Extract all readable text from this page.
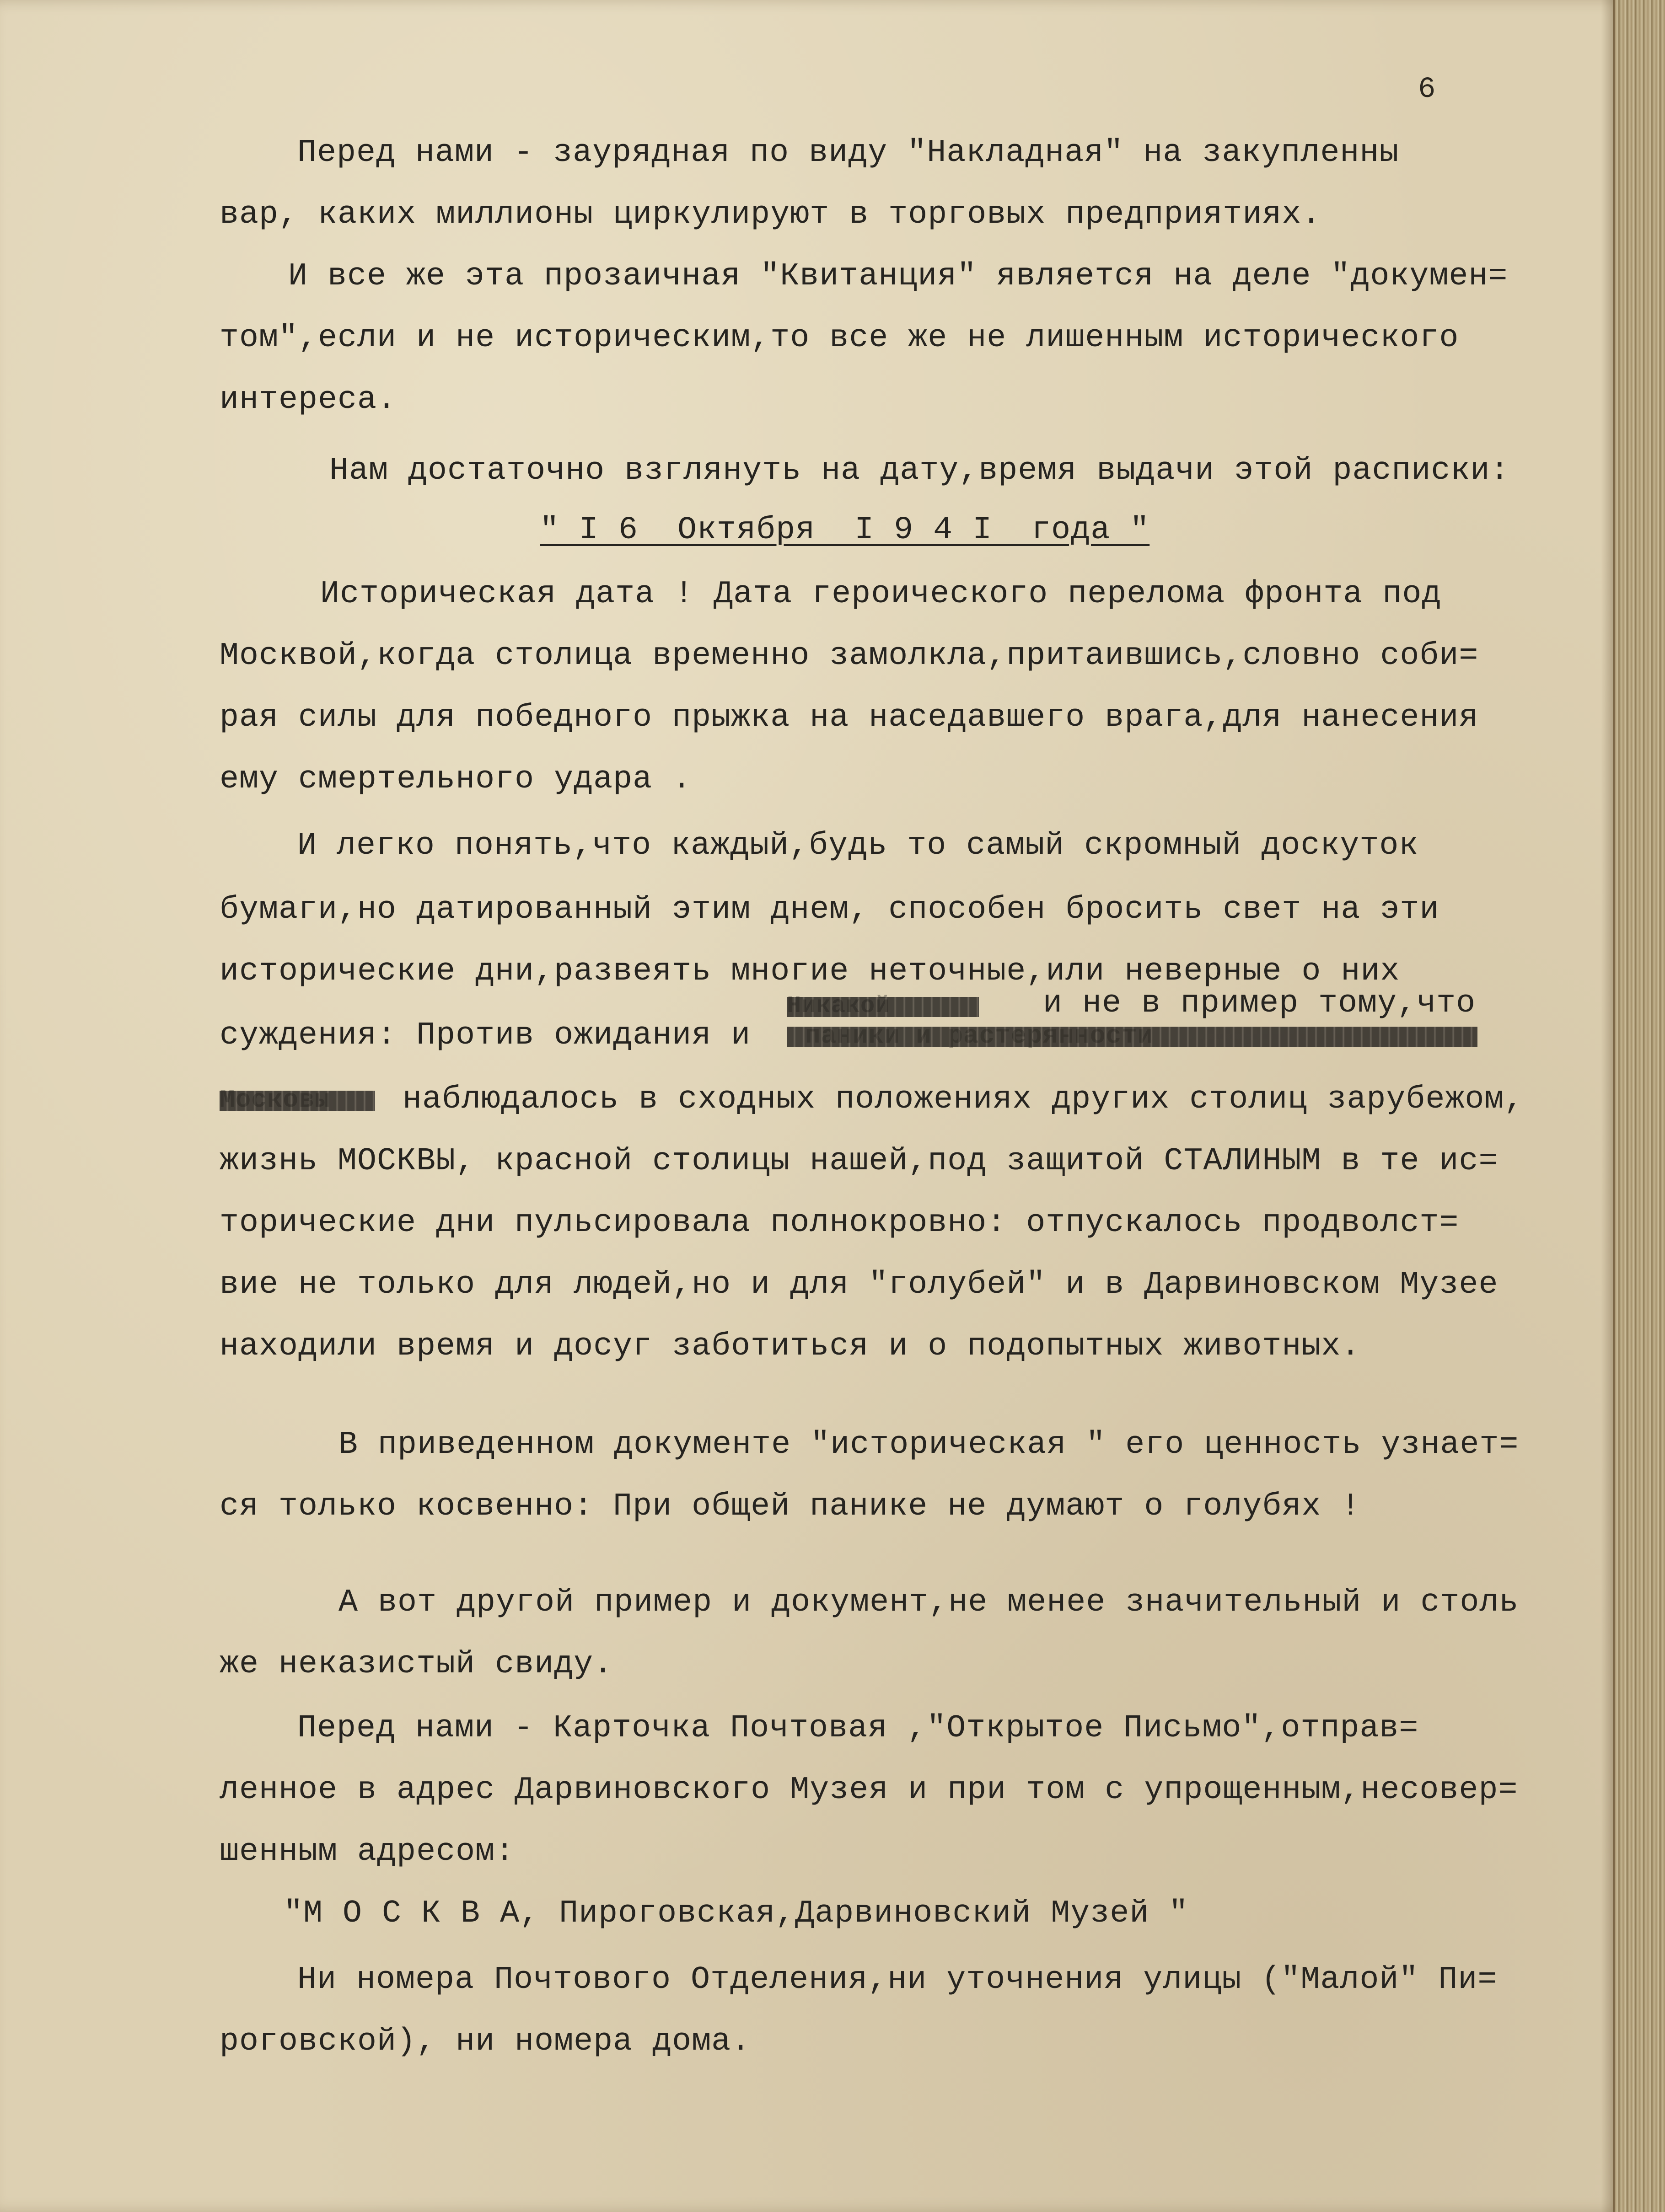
6
Перед нами - заурядная по виду "Накладная" на закупленны
вар, каких миллионы циркулируют в торговых предприятиях.
И все же эта прозаичная "Квитанция" является на деле "докумен=
том",если и не историческим,то все же не лишенным исторического
интереса.
Нам достаточно взглянуть на дату,время выдачи этой расписки:
" I 6  Октября  I 9 4 I  года "
Историческая дата ! Дата героического перелома фронта под
Москвой,когда столица временно замолкла,притаившись,словно соби=
рая силы для победного прыжка на наседавшего врага,для нанесения
ему смертельного удара .
И легко понять,что каждый,будь то самый скромный доскуток
бумаги,но датированный этим днем, способен бросить свет на эти
исторические дни,развеять многие неточные,или неверные о них
Никакой	и не в пример тому,что
суждения: Против ожидания и паники и растерянности
Московы наблюдалось в сходных положениях других столиц зарубежом,
жизнь МОСКВЫ, красной столицы нашей,под защитой СТАЛИНЫМ в те ис=
торические дни пульсировала полнокровно: отпускалось продволст=
вие не только для людей,но и для "голубей" и в Дарвиновском Музее
находили время и досуг заботиться и о подопытных животных.
В приведенном документе "историческая " его ценность узнает=
ся только косвенно: При общей панике не думают о голубях !
А вот другой пример и документ,не менее значительный и столь
же неказистый свиду.
Перед нами - Карточка Почтовая ,"Открытое Письмо",отправ=
ленное в адрес Дарвиновского Музея и при том с упрощенным,несовер=
шенным адресом:
"М О С К В А, Пироговская,Дарвиновский Музей "
Ни номера Почтового Отделения,ни уточнения улицы ("Малой" Пи=
роговской), ни номера дома.
